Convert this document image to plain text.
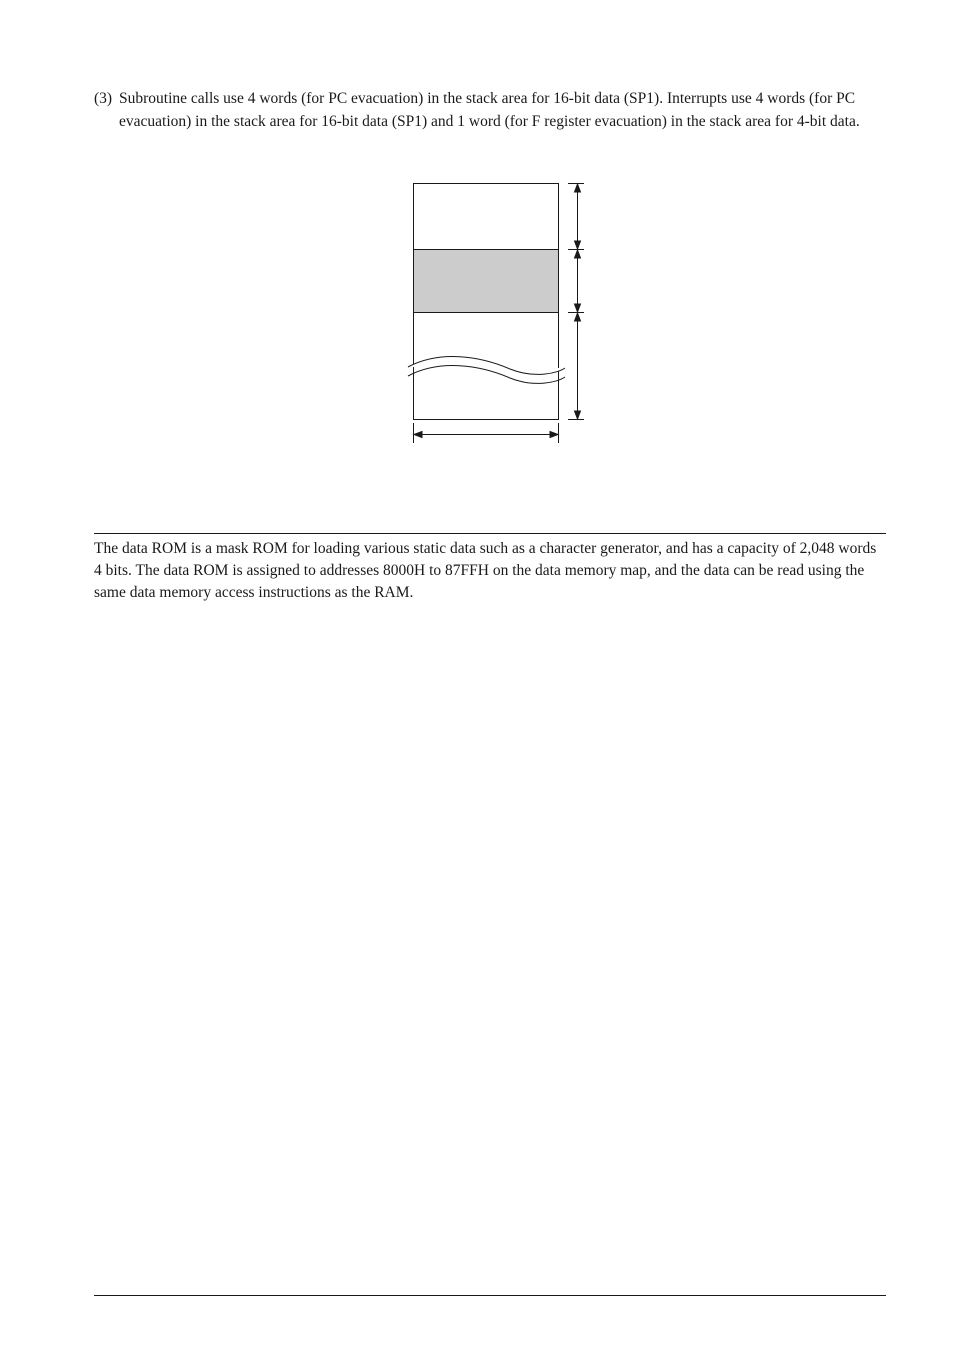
(3) Subroutine calls use 4 words (for PC evacuation) in the stack area for 16-bit data (SP1). Interrupts use 4 words (for PC evacuation) in the stack area for 16-bit data (SP1) and 1 word (for F register evacuation) in the stack area for 4-bit data.
The data ROM is a mask ROM for loading various static data such as a character generator, and has a capacity of 2,048 words 4 bits. The data ROM is assigned to addresses 8000H to 87FFH on the data memory map, and the data can be read using the same data memory access instructions as the RAM.
